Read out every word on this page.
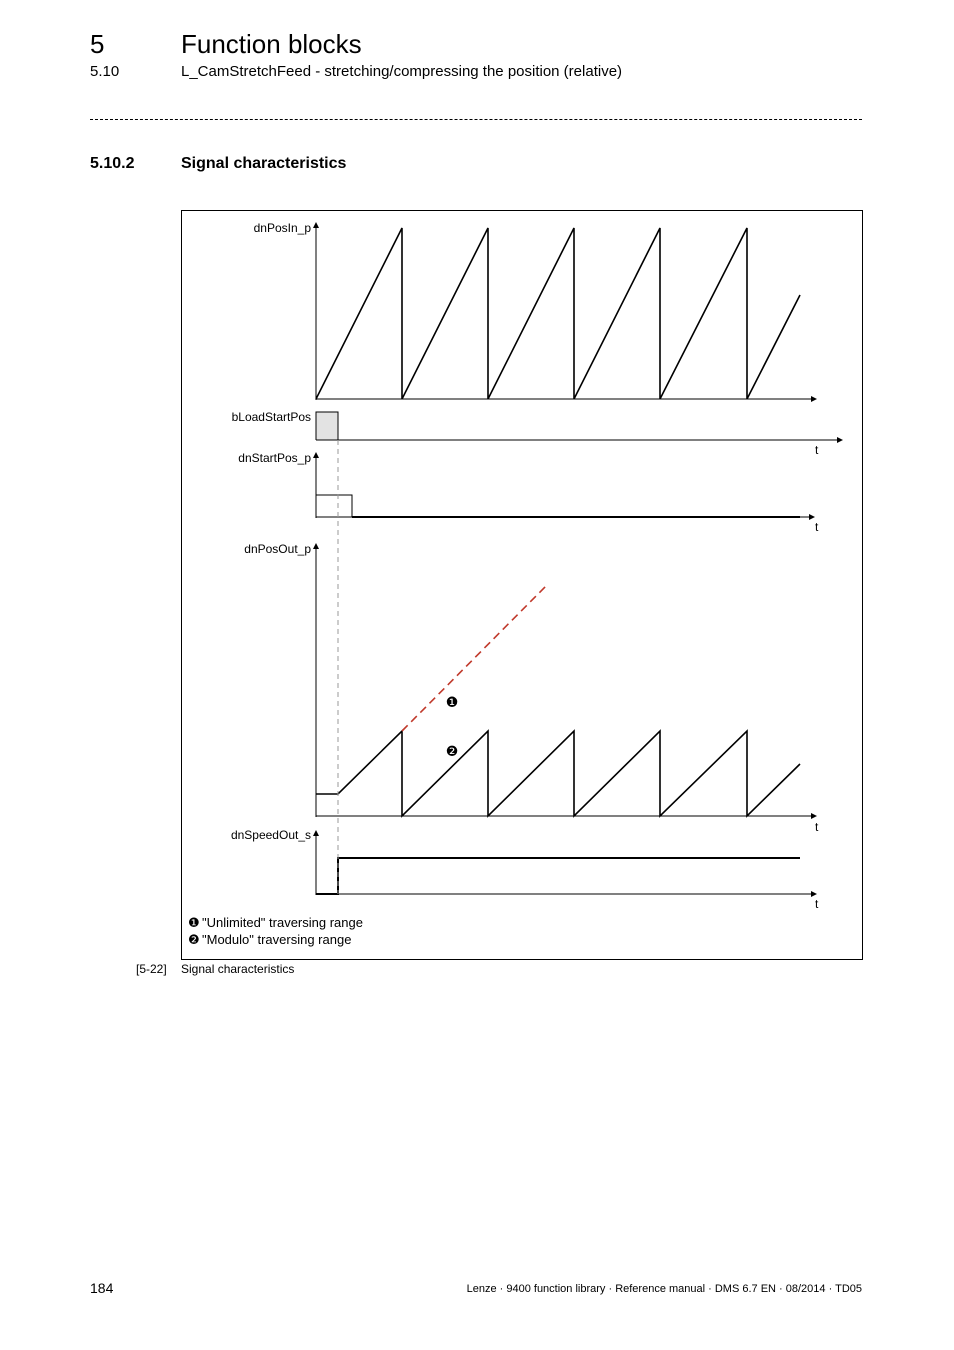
5	Function blocks
5.10	L_CamStretchFeed - stretching/compressing the position (relative)
5.10.2	Signal characteristics
dnPosIn_p
bLoadStartPos
dnStartPos_p
dnPosOut_p
dnSpeedOut_s
t
t
❶
❷
t
t
❶ "Unlimited" traversing range
❷ "Modulo" traversing range
[5-22] Signal characteristics
184	Lenze · 9400 function library · Reference manual · DMS 6.7 EN · 08/2014 · TD05
